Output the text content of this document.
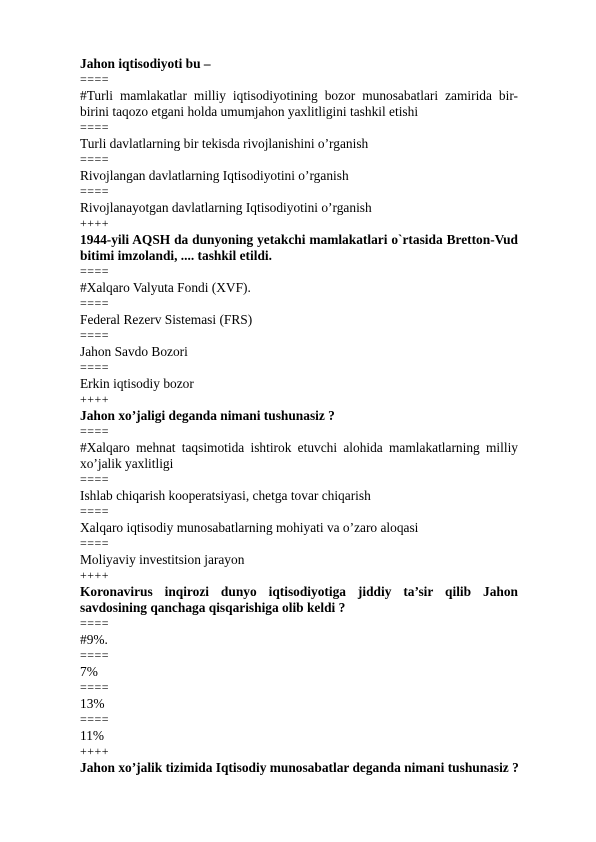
Jahon iqtisodiyoti bu –
====
#Turli mamlakatlar milliy iqtisodiyotining bozor munosabatlari zamirida bir-birini taqozo etgani holda umumjahon yaxlitligini tashkil etishi
====
Turli davlatlarning bir tekisda rivojlanishini o’rganish
====
Rivojlangan davlatlarning Iqtisodiyotini o’rganish
====
Rivojlanayotgan davlatlarning Iqtisodiyotini o’rganish
++++
1944-yili AQSH da dunyoning yetakchi mamlakatlari o`rtasida Bretton-Vud bitimi imzolandi, .... tashkil etildi.
====
#Xalqaro Valyuta Fondi (XVF).
====
Federal Rezerv Sistemasi (FRS)
====
Jahon Savdo Bozori
====
Erkin iqtisodiy bozor
++++
Jahon xo’jaligi deganda nimani tushunasiz ?
====
#Xalqaro mehnat taqsimotida ishtirok etuvchi alohida mamlakatlarning milliy xo’jalik yaxlitligi
====
Ishlab chiqarish kooperatsiyasi, chetga tovar chiqarish
====
Xalqaro iqtisodiy munosabatlarning mohiyati va o’zaro aloqasi
====
Moliyaviy investitsion jarayon
++++
Koronavirus inqirozi dunyo iqtisodiyotiga jiddiy ta’sir qilib Jahon savdosining qanchaga qisqarishiga olib keldi ?
====
#9%.
====
7%
====
13%
====
11%
++++
Jahon xo’jalik tizimida Iqtisodiy munosabatlar deganda nimani tushunasiz ?
